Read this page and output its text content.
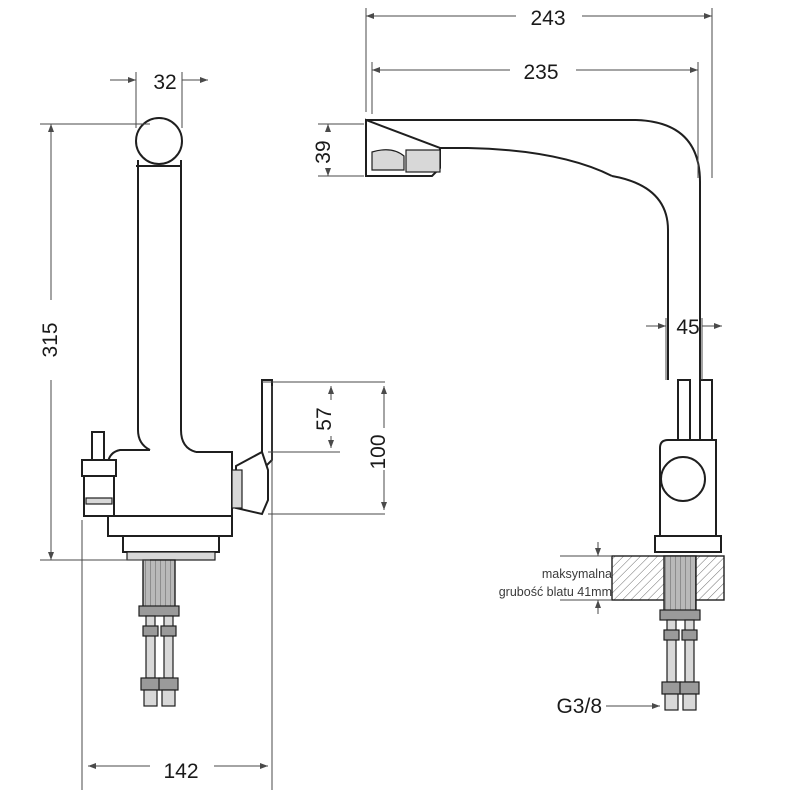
243
235
32
39
315	45
57
100
142
maksymalna
grubość blatu 41mm
G3/8
